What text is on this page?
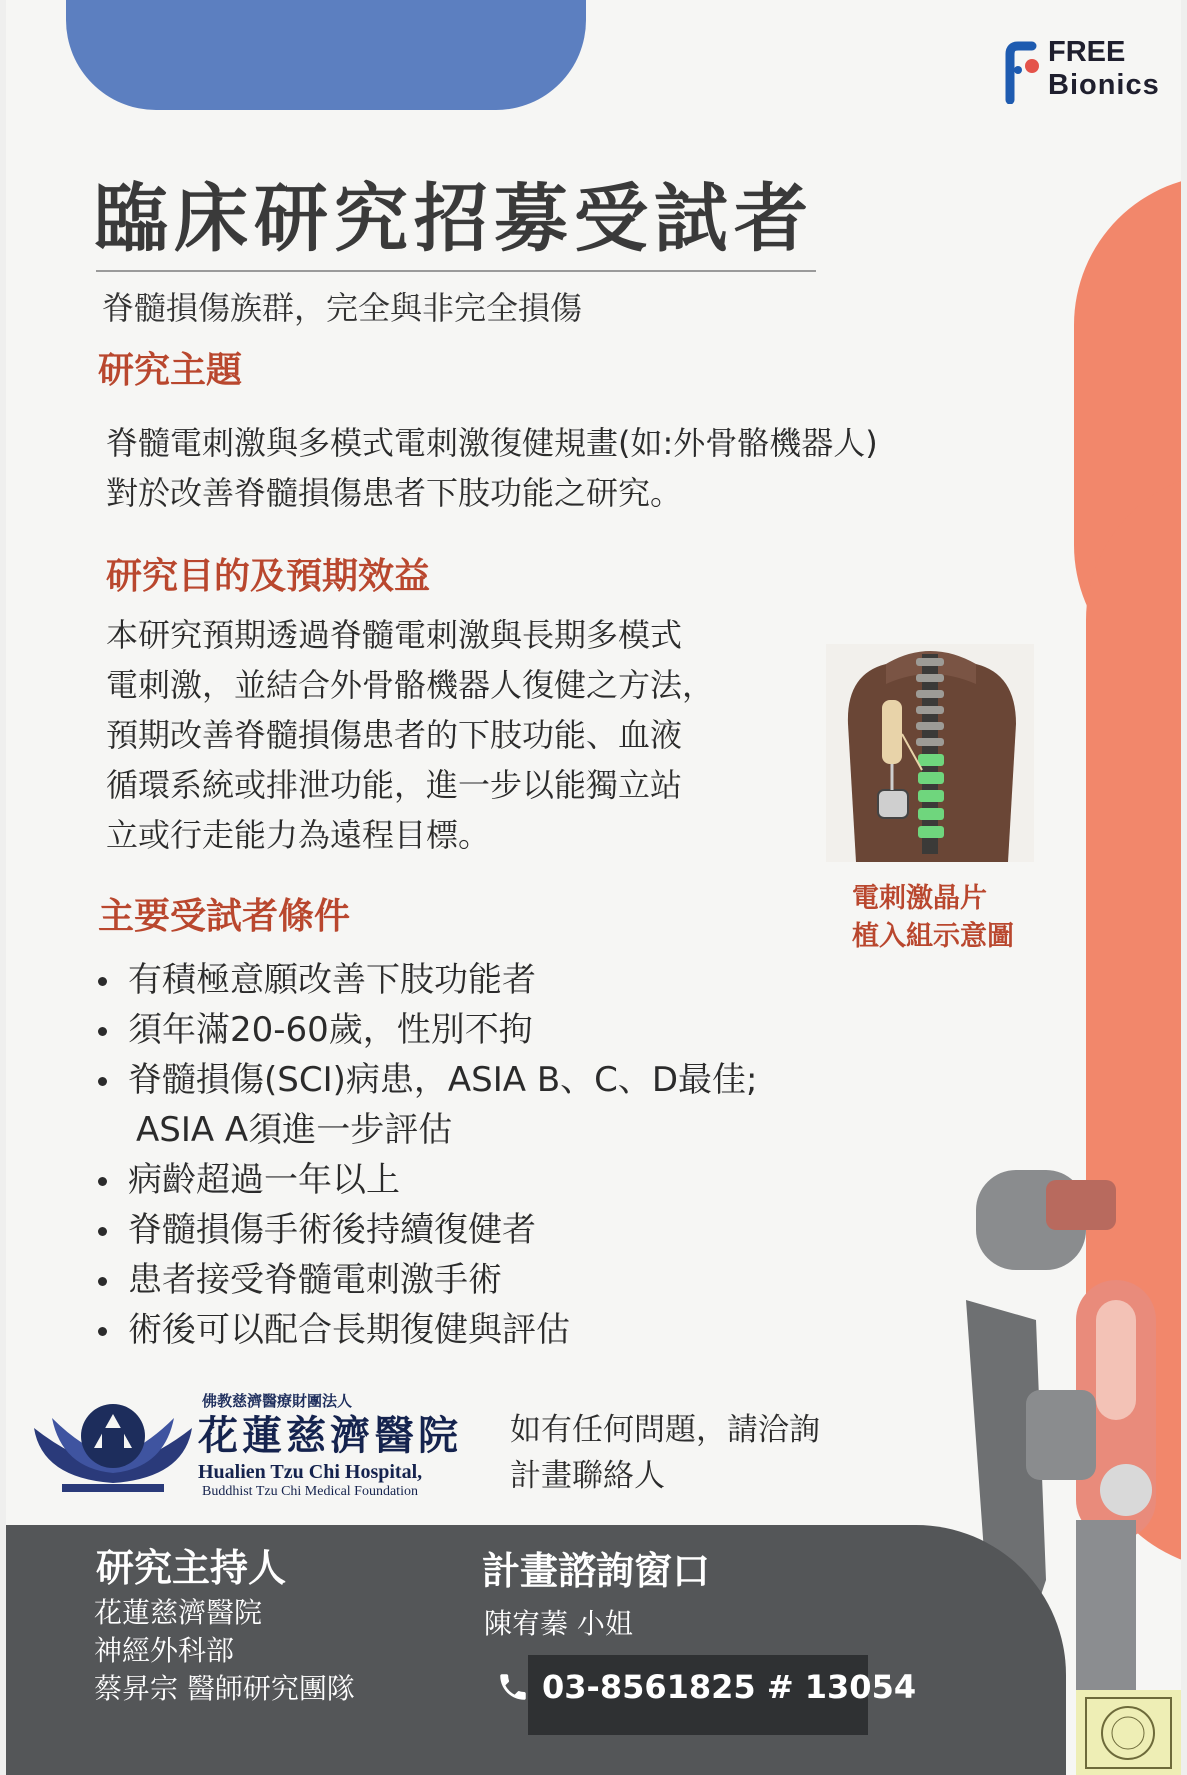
FREE
Bionics
臨床研究招募受試者
脊髓損傷族群，完全與非完全損傷
研究主題
脊髓電刺激與多模式電刺激復健規畫(如:外骨骼機器人)
對於改善脊髓損傷患者下肢功能之研究。
研究目的及預期效益
本研究預期透過脊髓電刺激與長期多模式
電刺激，並結合外骨骼機器人復健之方法，
預期改善脊髓損傷患者的下肢功能、血液
循環系統或排泄功能，進一步以能獨立站
立或行走能力為遠程目標。
電刺激晶片
植入組示意圖
主要受試者條件
有積極意願改善下肢功能者
須年滿20-60歲，性別不拘
脊髓損傷(SCI)病患，ASIA B、C、D最佳;
ASIA A須進一步評估
病齡超過一年以上
脊髓損傷手術後持續復健者
患者接受脊髓電刺激手術
術後可以配合長期復健與評估
佛教慈濟醫療財團法人
花蓮慈濟醫院
Hualien Tzu Chi Hospital,
Buddhist Tzu Chi Medical Foundation
如有任何問題，請洽詢
計畫聯絡人
研究主持人
花蓮慈濟醫院
神經外科部
蔡昇宗 醫師研究團隊
計畫諮詢窗口
陳宥蓁 小姐
03-8561825 # 13054
